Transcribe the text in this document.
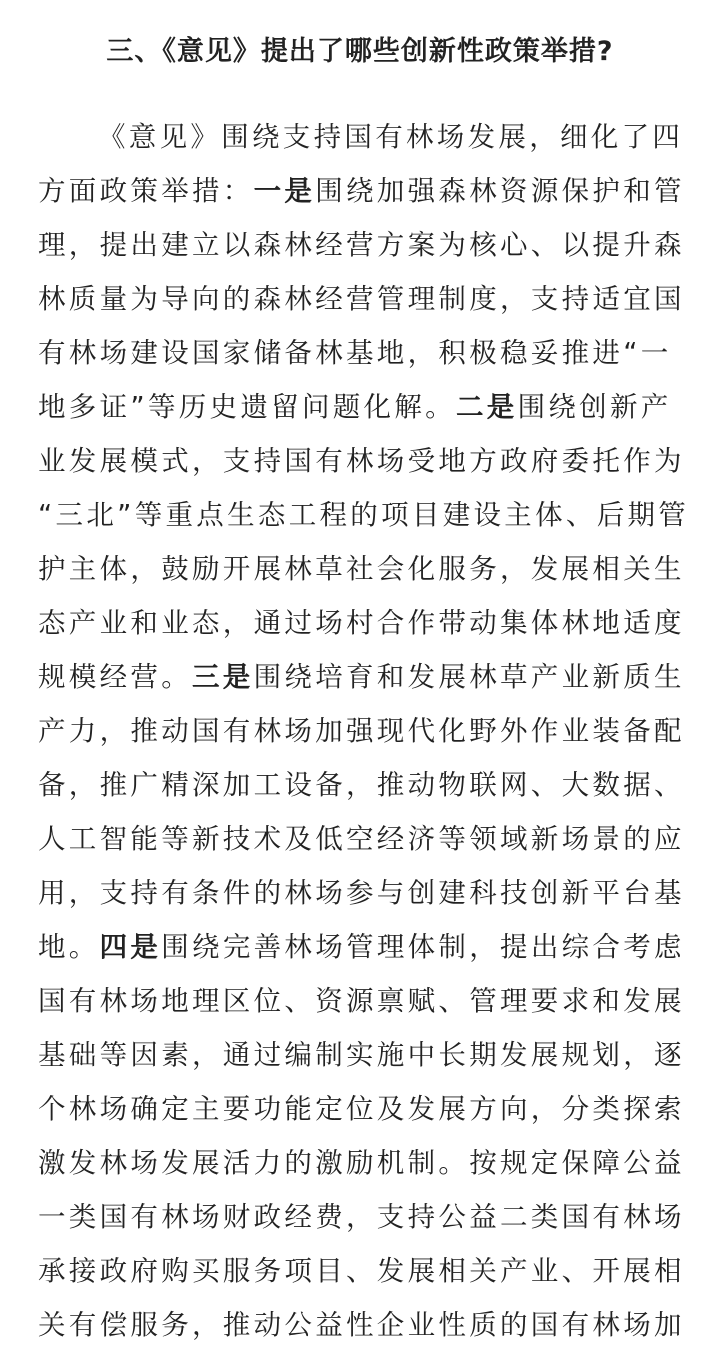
三、《意见》提出了哪些创新性政策举措?
《意见》围绕支持国有林场发展，细化了四
方面政策举措：一是围绕加强森林资源保护和管
理，提出建立以森林经营方案为核心、以提升森
林质量为导向的森林经营管理制度，支持适宜国
有林场建设国家储备林基地，积极稳妥推进“一
地多证”等历史遗留问题化解。二是围绕创新产
业发展模式，支持国有林场受地方政府委托作为
“三北”等重点生态工程的项目建设主体、后期管
护主体，鼓励开展林草社会化服务，发展相关生
态产业和业态，通过场村合作带动集体林地适度
规模经营。三是围绕培育和发展林草产业新质生
产力，推动国有林场加强现代化野外作业装备配
备，推广精深加工设备，推动物联网、大数据、
人工智能等新技术及低空经济等领域新场景的应
用，支持有条件的林场参与创建科技创新平台基
地。四是围绕完善林场管理体制，提出综合考虑
国有林场地理区位、资源禀赋、管理要求和发展
基础等因素，通过编制实施中长期发展规划，逐
个林场确定主要功能定位及发展方向，分类探索
激发林场发展活力的激励机制。按规定保障公益
一类国有林场财政经费，支持公益二类国有林场
承接政府购买服务项目、发展相关产业、开展相
关有偿服务，推动公益性企业性质的国有林场加
